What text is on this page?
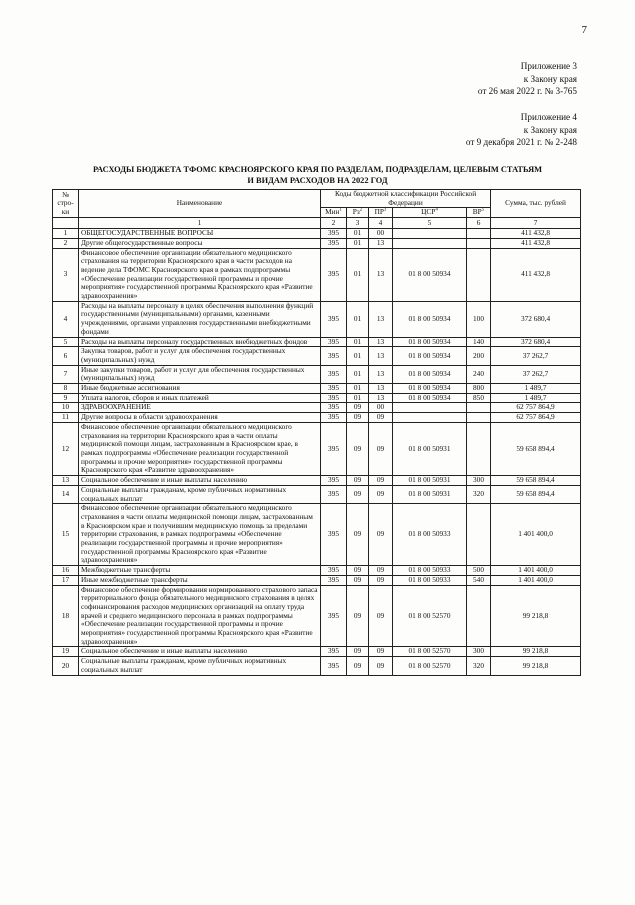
7
Приложение 3
к Закону края
от 26 мая 2022 г. № 3-765
Приложение 4
к Закону края
от 9 декабря 2021 г. № 2-248
РАСХОДЫ БЮДЖЕТА ТФОМС КРАСНОЯРСКОГО КРАЯ ПО РАЗДЕЛАМ, ПОДРАЗДЕЛАМ, ЦЕЛЕВЫМ СТАТЬЯМ
И ВИДАМ РАСХОДОВ НА 2022 ГОД
№ стро-ки	Наименование	Коды бюджетной классификации Российской Федерации					Сумма, тыс. рублей
		Мин$^1$	$Рз^2$	$ПР^3$	ЦСР$^4$	$ВР^5$
	1	2	3	4	5	6	7
1	ОБЩЕГОСУДАРСТВЕННЫЕ ВОПРОСЫ	395	01	00			411 432,8
2	Другие общегосударственные вопросы	395	01	13			411 432,8
3	Финансовое обеспечение организации обязательного медицинского страхования на территории Красноярского края в части расходов на ведение дела ТФОМС Красноярского края в рамках подпрограммы «Обеспечение реализации государственной программы и прочие мероприятия» государственной программы Красноярского края «Развитие здравоохранения»	395	01	13	01 8 00 50934		411 432,8
4	Расходы на выплаты персоналу в целях обеспечения выполнения функций государственными (муниципальными) органами, казенными учреждениями, органами управления государственными внебюджетными фондами	395	01	13	01 8 00 50934	100	372 680,4
5	Расходы на выплаты персоналу государственных внебюджетных фондов	395	01	13	01 8 00 50934	140	372 680,4
6	Закупка товаров, работ и услуг для обеспечения государственных (муниципальных) нужд	395	01	13	01 8 00 50934	200	37 262,7
7	Иные закупки товаров, работ и услуг для обеспечения государственных (муниципальных) нужд	395	01	13	01 8 00 50934	240	37 262,7
8	Иные бюджетные ассигнования	395	01	13	01 8 00 50934	800	1 489,7
9	Уплата налогов, сборов и иных платежей	395	01	13	01 8 00 50934	850	1 489,7
10	ЗДРАВООХРАНЕНИЕ	395	09	00			62 757 864,9
11	Другие вопросы в области здравоохранения	395	09	09			62 757 864,9
12	Финансовое обеспечение организации обязательного медицинского страхования на территории Красноярского края в части оплаты медицинской помощи лицам, застрахованным в Красноярском крае, в рамках подпрограммы «Обеспечение реализации государственной программы и прочие мероприятия» государственной программы Красноярского края «Развитие здравоохранения»	395	09	09	01 8 00 50931		59 658 894,4
13	Социальное обеспечение и иные выплаты населению	395	09	09	01 8 00 50931	300	59 658 894,4
14	Социальные выплаты гражданам, кроме публичных нормативных социальных выплат	395	09	09	01 8 00 50931	320	59 658 894,4
15	Финансовое обеспечение организации обязательного медицинского страхования в части оплаты медицинской помощи лицам, застрахованным в Красноярском крае и получившим медицинскую помощь за пределами территории страхования, в рамках подпрограммы «Обеспечение реализации государственной программы и прочие мероприятия» государственной программы Красноярского края «Развитие здравоохранения»	395	09	09	01 8 00 50933		1 401 400,0
16	Межбюджетные трансферты	395	09	09	01 8 00 50933	500	1 401 400,0
17	Иные межбюджетные трансферты	395	09	09	01 8 00 50933	540	1 401 400,0
18	Финансовое обеспечение формирования нормированного страхового запаса территориального фонда обязательного медицинского страхования в целях софинансирования расходов медицинских организаций на оплату труда врачей и среднего медицинского персонала в рамках подпрограммы «Обеспечение реализации государственной программы и прочие мероприятия» государственной программы Красноярского края «Развитие здравоохранения»	395	09	09	01 8 00 52570		99 218,8
19	Социальное обеспечение и иные выплаты населению	395	09	09	01 8 00 52570	300	99 218,8
20	Социальные выплаты гражданам, кроме публичных нормативных социальных выплат	395	09	09	01 8 00 52570	320	99 218,8
